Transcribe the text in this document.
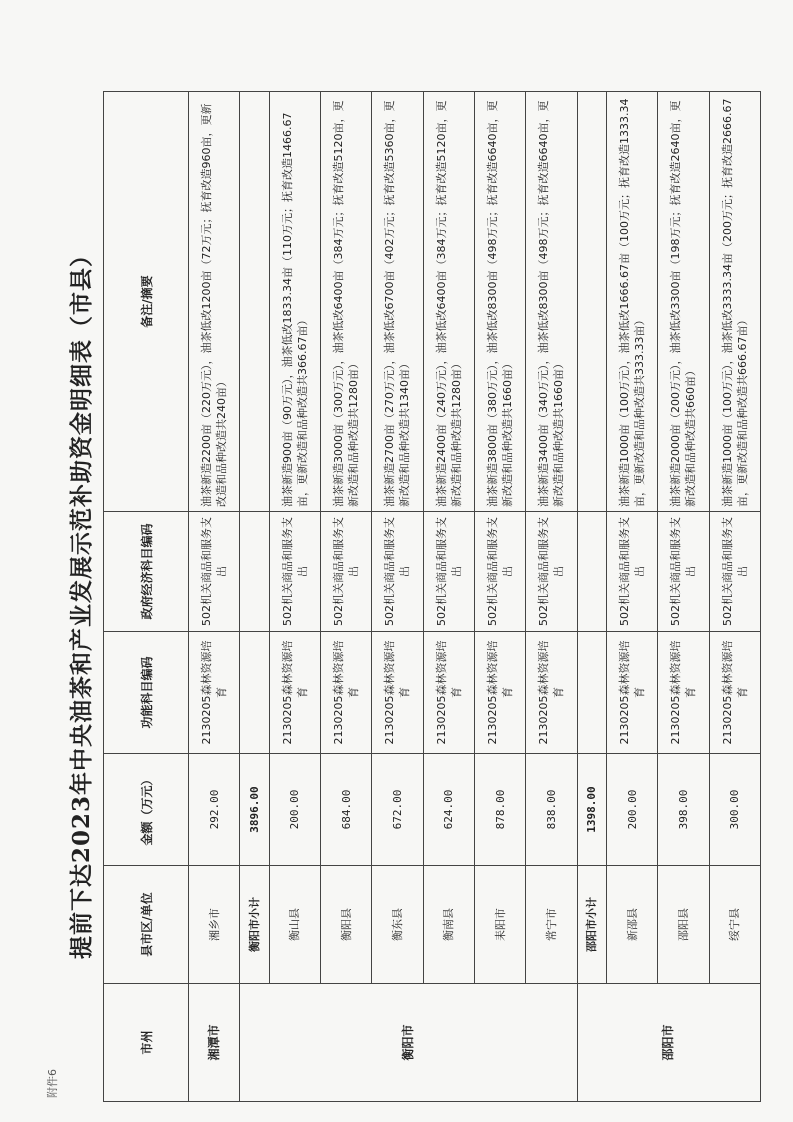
附件6
提前下达2023年中央油茶和产业发展示范补助资金明细表（市县）
市州	县市区/单位	金额（万元）	功能科目编码	政府经济科目编码	备注/摘要
湘潭市	湘乡市	292.00	2130205森林资源培育	502机关商品和服务支出	油茶新造2200亩（220万元），油茶低改1200亩（72万元；抚育改造960亩，更新改造和品种改造共240亩）
衡阳市	衡阳市小计	3896.00			
	衡山县	200.00	2130205森林资源培育	502机关商品和服务支出	油茶新造900亩（90万元），油茶低改1833.34亩（110万元；抚育改造1466.67亩，更新改造和品种改造共366.67亩）
	衡阳县	684.00	2130205森林资源培育	502机关商品和服务支出	油茶新造3000亩（300万元），油茶低改6400亩（384万元；抚育改造5120亩，更新改造和品种改造共1280亩）
	衡东县	672.00	2130205森林资源培育	502机关商品和服务支出	油茶新造2700亩（270万元），油茶低改6700亩（402万元；抚育改造5360亩，更新改造和品种改造共1340亩）
	衡南县	624.00	2130205森林资源培育	502机关商品和服务支出	油茶新造2400亩（240万元），油茶低改6400亩（384万元；抚育改造5120亩，更新改造和品种改造共1280亩）
	耒阳市	878.00	2130205森林资源培育	502机关商品和服务支出	油茶新造3800亩（380万元），油茶低改8300亩（498万元；抚育改造6640亩，更新改造和品种改造共1660亩）
	常宁市	838.00	2130205森林资源培育	502机关商品和服务支出	油茶新造3400亩（340万元），油茶低改8300亩（498万元；抚育改造6640亩，更新改造和品种改造共1660亩）
邵阳市	邵阳市小计	1398.00			
	新邵县	200.00	2130205森林资源培育	502机关商品和服务支出	油茶新造1000亩（100万元），油茶低改1666.67亩（100万元；抚育改造1333.34亩，更新改造和品种改造共333.33亩）
	邵阳县	398.00	2130205森林资源培育	502机关商品和服务支出	油茶新造2000亩（200万元），油茶低改3300亩（198万元；抚育改造2640亩，更新改造和品种改造共660亩）
	绥宁县	300.00	2130205森林资源培育	502机关商品和服务支出	油茶新造1000亩（100万元），油茶低改3333.34亩（200万元；抚育改造2666.67亩，更新改造和品种改造共666.67亩）
